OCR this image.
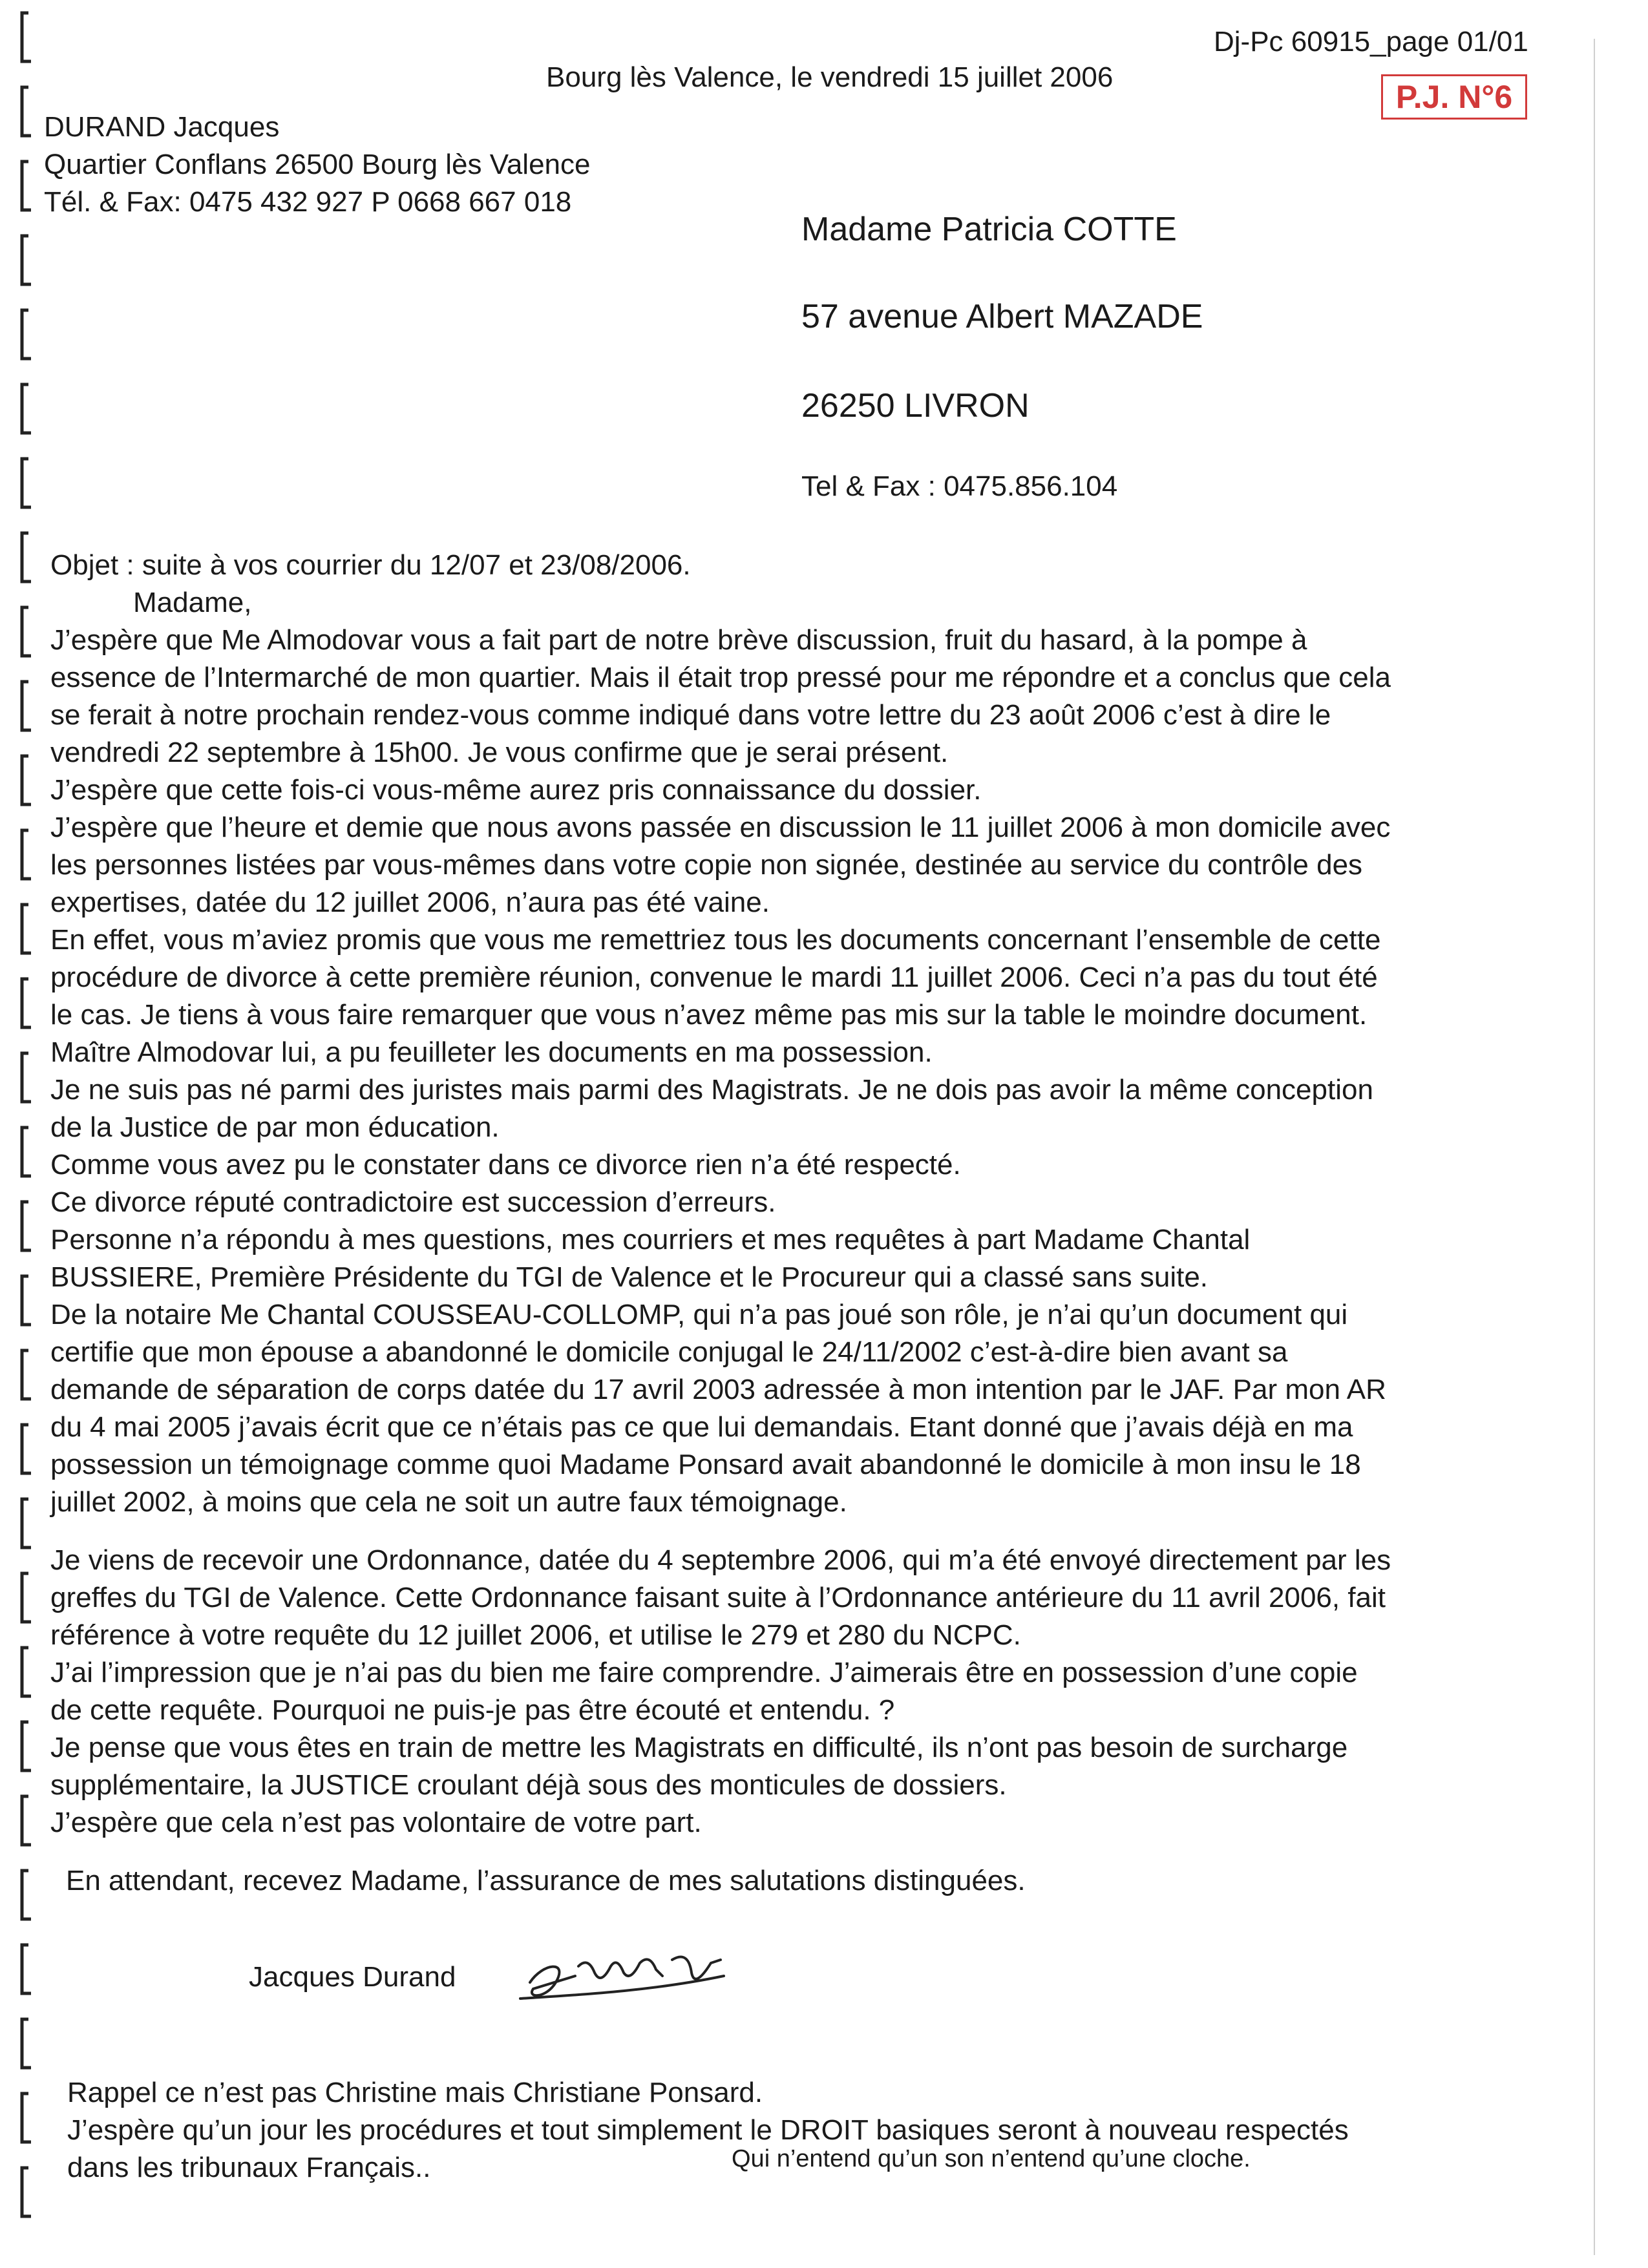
Dj-Pc 60915_page 01/01
Bourg lès Valence, le vendredi 15 juillet 2006
P.J. N°6
DURAND Jacques
Quartier Conflans 26500 Bourg lès Valence
Tél. & Fax: 0475 432 927 P 0668 667 018
Madame Patricia COTTE
57 avenue Albert MAZADE
26250 LIVRON
Tel & Fax : 0475.856.104

Objet : suite à vos courrier du 12/07 et 23/08/2006.

Madame,

J’espère que Me Almodovar vous a fait part de notre brève discussion, fruit du hasard, à la pompe à

essence de l’Intermarché de mon quartier. Mais il était trop pressé pour me répondre et a conclus que cela

se ferait à notre prochain rendez-vous comme indiqué dans votre lettre du 23 août 2006 c’est à dire le

vendredi 22 septembre à 15h00. Je vous confirme que je serai présent.

J’espère que cette fois-ci vous-même aurez pris connaissance du dossier.

J’espère que l’heure et demie que nous avons passée en discussion le 11 juillet 2006 à mon domicile avec

les personnes listées par vous-mêmes dans votre copie non signée, destinée au service du contrôle des

expertises, datée du 12 juillet 2006, n’aura pas été vaine.

En effet, vous m’aviez promis que vous me remettriez tous les documents concernant l’ensemble de cette

procédure de divorce à cette première réunion, convenue le mardi 11 juillet 2006. Ceci n’a pas du tout été

le cas. Je tiens à vous faire remarquer que vous n’avez même pas mis sur la table le moindre document.

Maître Almodovar lui, a pu feuilleter les documents en ma possession.

Je ne suis pas né parmi des juristes mais parmi des Magistrats. Je ne dois pas avoir la même conception

de la Justice de par mon éducation.

Comme vous avez pu le constater dans ce divorce rien n’a été respecté.

Ce divorce réputé contradictoire est succession d’erreurs.

Personne n’a répondu à mes questions, mes courriers et mes requêtes à part Madame Chantal

BUSSIERE, Première Présidente du TGI de Valence et le Procureur qui a classé sans suite.

De la notaire Me Chantal COUSSEAU-COLLOMP, qui n’a pas joué son rôle, je n’ai qu’un document qui

certifie que mon épouse a abandonné le domicile conjugal le 24/11/2002 c’est-à-dire bien avant sa

demande de séparation de corps datée du 17 avril 2003 adressée à mon intention par le JAF. Par mon AR

du 4 mai 2005 j’avais écrit que ce n’étais pas ce que lui demandais. Etant donné que j’avais déjà en ma

possession un témoignage comme quoi Madame Ponsard avait abandonné le domicile à mon insu le 18

juillet 2002, à moins que cela ne soit un autre faux témoignage.

Je viens de recevoir une Ordonnance, datée du 4 septembre 2006, qui m’a été envoyé directement par les

greffes du TGI de Valence. Cette Ordonnance faisant suite à l’Ordonnance antérieure du 11 avril 2006, fait

référence à votre requête du 12 juillet 2006, et utilise le 279 et 280 du NCPC.

J’ai l’impression que je n’ai pas du bien me faire comprendre. J’aimerais être en possession d’une copie

de cette requête. Pourquoi ne puis-je pas être écouté et entendu. ?

Je pense que vous êtes en train de mettre les Magistrats en difficulté, ils n’ont pas besoin de surcharge

supplémentaire, la JUSTICE croulant déjà sous des monticules de dossiers.

J’espère que cela n’est pas volontaire de votre part.

En attendant, recevez Madame, l’assurance de mes salutations distinguées.

Jacques Durand

Rappel ce n’est pas Christine mais Christiane Ponsard.

J’espère qu’un jour les procédures et tout simplement le DROIT basiques seront à nouveau respectés

dans les tribunaux Français..	Qui n’entend qu’un son n’entend qu’une cloche.
